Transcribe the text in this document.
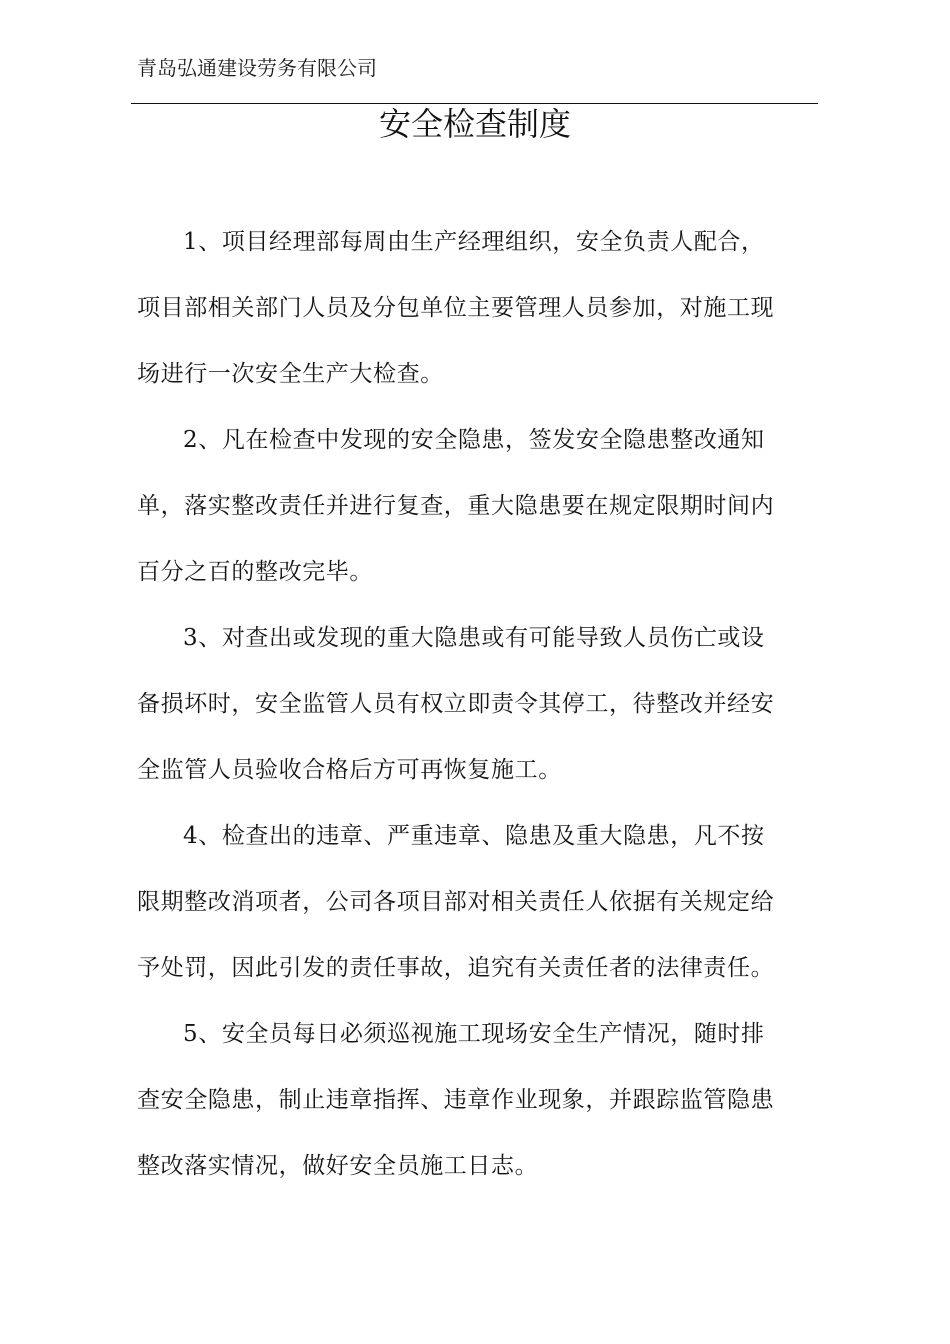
青岛弘通建设劳务有限公司
安全检查制度
1、项目经理部每周由生产经理组织，安全负责人配合，
项目部相关部门人员及分包单位主要管理人员参加，对施工现
场进行一次安全生产大检查。
2、凡在检查中发现的安全隐患，签发安全隐患整改通知
单，落实整改责任并进行复查，重大隐患要在规定限期时间内
百分之百的整改完毕。
3、对查出或发现的重大隐患或有可能导致人员伤亡或设
备损坏时，安全监管人员有权立即责令其停工，待整改并经安
全监管人员验收合格后方可再恢复施工。
4、检查出的违章、严重违章、隐患及重大隐患，凡不按
限期整改消项者，公司各项目部对相关责任人依据有关规定给
予处罚，因此引发的责任事故，追究有关责任者的法律责任。
5、安全员每日必须巡视施工现场安全生产情况，随时排
查安全隐患，制止违章指挥、违章作业现象，并跟踪监管隐患
整改落实情况，做好安全员施工日志。
